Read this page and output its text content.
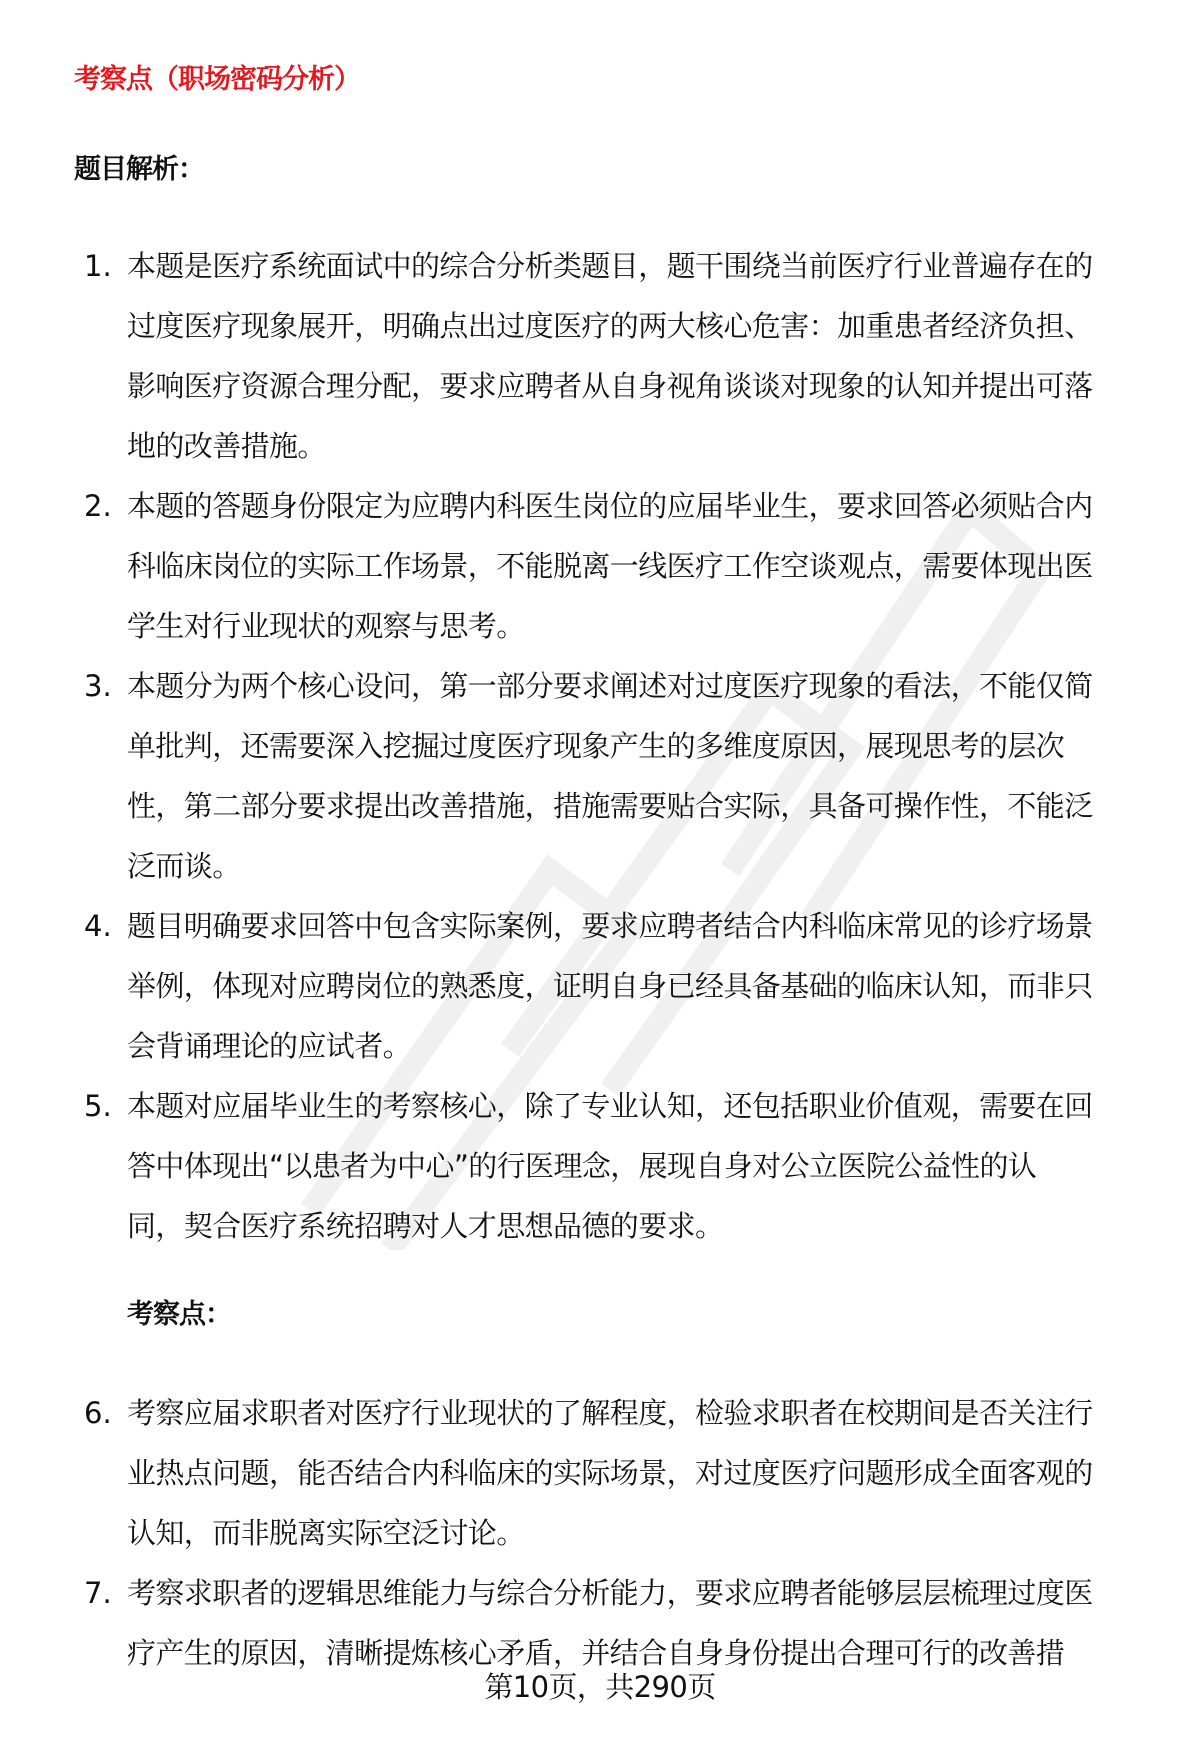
考察点（职场密码分析）
题目解析：
1. 本题是医疗系统面试中的综合分析类题目，题干围绕当前医疗行业普遍存在的
过度医疗现象展开，明确点出过度医疗的两大核心危害：加重患者经济负担、
影响医疗资源合理分配，要求应聘者从自身视角谈谈对现象的认知并提出可落
地的改善措施。
2. 本题的答题身份限定为应聘内科医生岗位的应届毕业生，要求回答必须贴合内
科临床岗位的实际工作场景，不能脱离一线医疗工作空谈观点，需要体现出医
学生对行业现状的观察与思考。
3. 本题分为两个核心设问，第一部分要求阐述对过度医疗现象的看法，不能仅简
单批判，还需要深入挖掘过度医疗现象产生的多维度原因，展现思考的层次
性，第二部分要求提出改善措施，措施需要贴合实际，具备可操作性，不能泛
泛而谈。
4. 题目明确要求回答中包含实际案例，要求应聘者结合内科临床常见的诊疗场景
举例，体现对应聘岗位的熟悉度，证明自身已经具备基础的临床认知，而非只
会背诵理论的应试者。
5. 本题对应届毕业生的考察核心，除了专业认知，还包括职业价值观，需要在回
答中体现出“以患者为中心”的行医理念，展现自身对公立医院公益性的认
同，契合医疗系统招聘对人才思想品德的要求。
考察点：
6. 考察应届求职者对医疗行业现状的了解程度，检验求职者在校期间是否关注行
业热点问题，能否结合内科临床的实际场景，对过度医疗问题形成全面客观的
认知，而非脱离实际空泛讨论。
7. 考察求职者的逻辑思维能力与综合分析能力，要求应聘者能够层层梳理过度医
疗产生的原因，清晰提炼核心矛盾，并结合自身身份提出合理可行的改善措
第10页，共290页
